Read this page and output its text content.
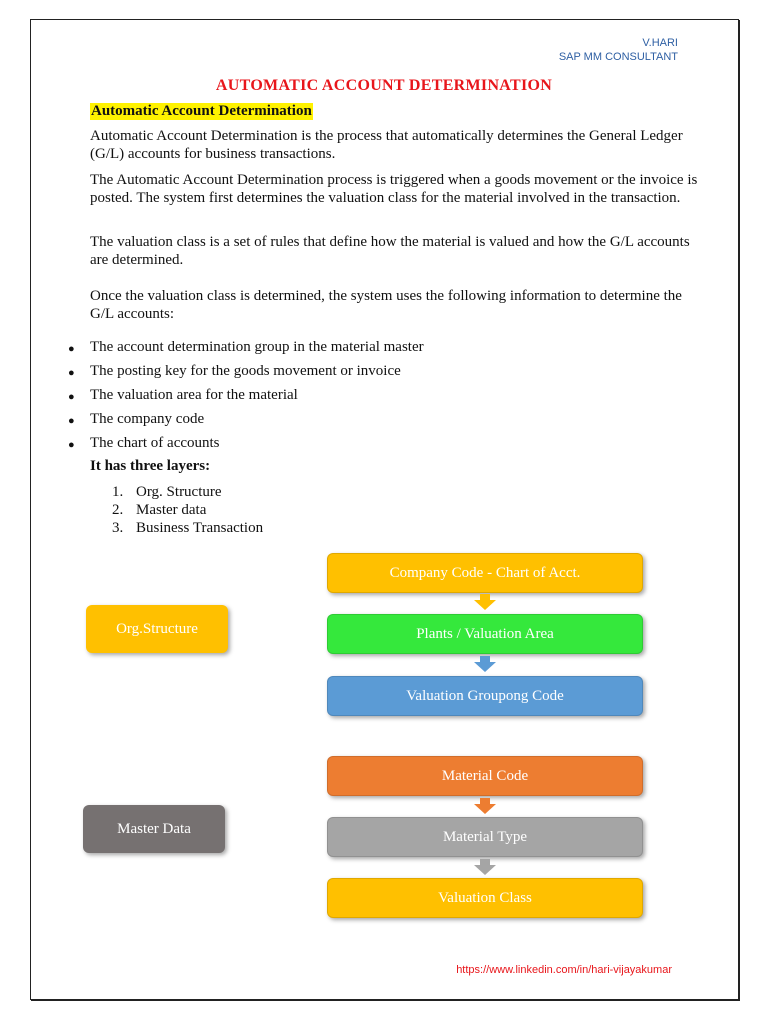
V.HARI
SAP MM CONSULTANT
AUTOMATIC ACCOUNT DETERMINATION
Automatic Account Determination

Automatic Account Determination is the process that automatically determines the General Ledger (G/L) accounts for business transactions.

The Automatic Account Determination process is triggered when a goods movement or the invoice is posted. The system first determines the valuation class for the material involved in the transaction.

The valuation class is a set of rules that define how the material is valued and how the G/L accounts are determined.

Once the valuation class is determined, the system uses the following information to determine the G/L accounts:

● The account determination group in the material master
● The posting key for the goods movement or invoice
● The valuation area for the material
● The company code
● The chart of accounts
It has three layers:
1. Org. Structure
2. Master data
3. Business Transaction
Org.Structure
Company Code - Chart of Acct.
Plants / Valuation Area
Valuation Groupong Code
Master Data
Material Code
Material Type
Valuation Class
https://www.linkedin.com/in/hari-vijayakumar
